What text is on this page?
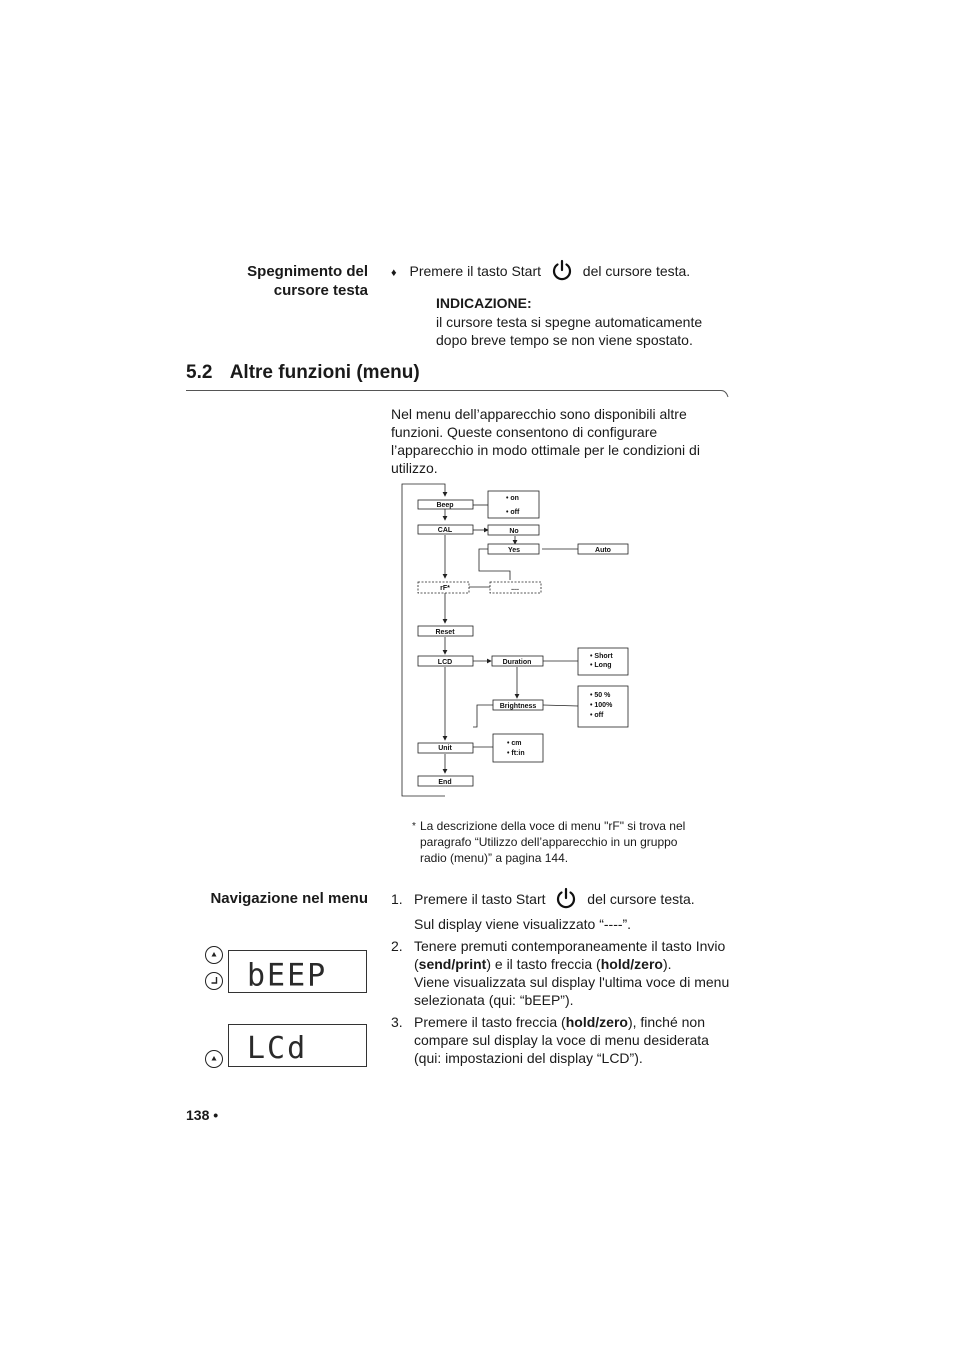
Spegnimento del
cursore testa
♦ Premere il tasto Start	del cursore testa.
INDICAZIONE:
il cursore testa si spegne automaticamente
dopo breve tempo se non viene spostato.
5.2 Altre funzioni (menu)
Nel menu dell’apparecchio sono disponibili altre
funzioni. Queste consentono di configurare
l’apparecchio in modo ottimale per le condizioni di
utilizzo.
Beep
• on
• off
CAL	No
Yes	Auto
rF*	....
Reset
LCD	Duration
• Short
• Long
Brightness
• 50 %
• 100%
• off
Unit
• cm
• ft:in
End
* La descrizione della voce di menu "rF" si trova nel
paragrafo “Utilizzo dell’apparecchio in un gruppo
radio (menu)” a pagina 144.
Navigazione nel menu 1. Premere il tasto Start	del cursore testa.
Sul display viene visualizzato “----”.
2. Tenere premuti contemporaneamente il tasto Invio
(send/print) e il tasto freccia (hold/zero).
Viene visualizzata sul display l'ultima voce di menu
selezionata (qui: “bEEP”).
3. Premere il tasto freccia (hold/zero), finché non
compare sul display la voce di menu desiderata
(qui: impostazioni del display “LCD”).
bEEP
LCd
138 •
